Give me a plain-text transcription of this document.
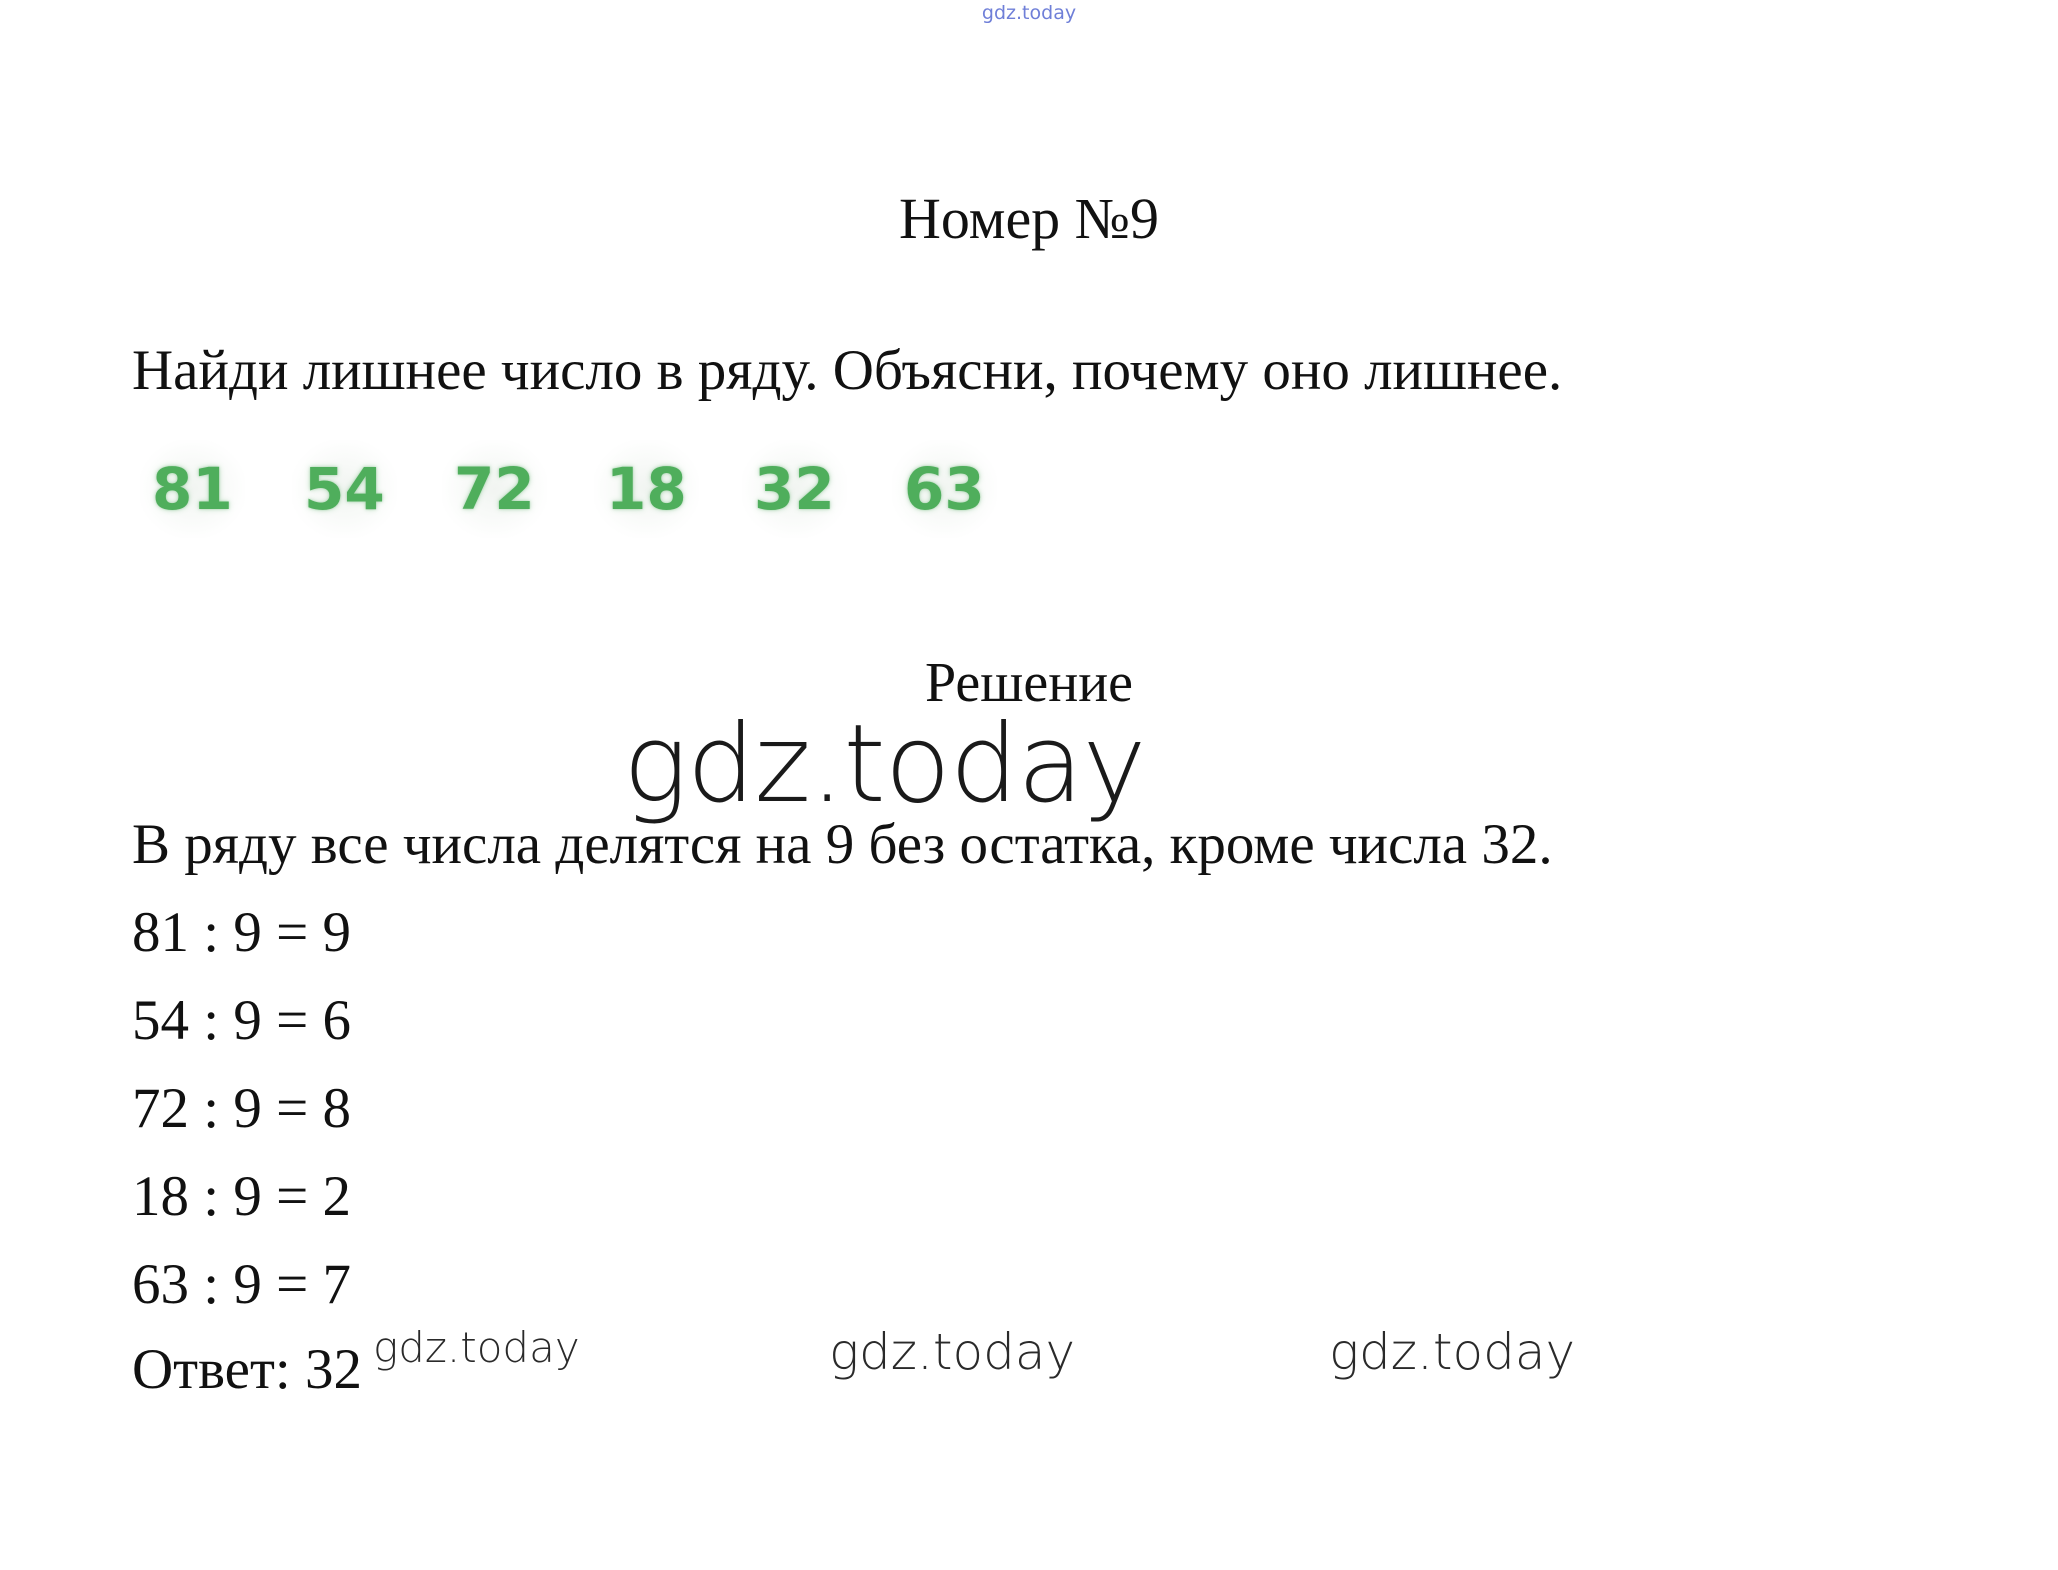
gdz.today
Номер №9
Найди лишнее число в ряду. Объясни, почему оно лишнее.
81 54 72 18 32 63
Решение
gdz.today
В ряду все числа делятся на 9 без остатка, кроме числа 32.
81 : 9 = 9
54 : 9 = 6
72 : 9 = 8
18 : 9 = 2
63 : 9 = 7
Ответ: 32 gdz.today	gdz.today	gdz.today
